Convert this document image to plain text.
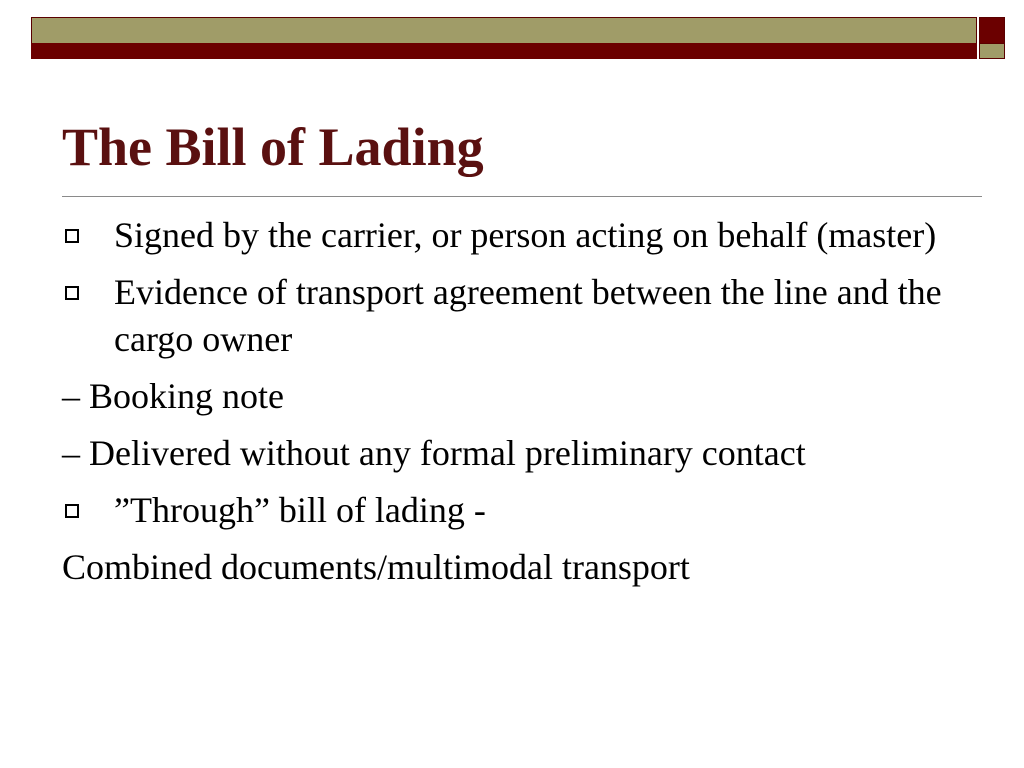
The Bill of Lading
Signed by the carrier, or person acting on behalf (master)
Evidence of transport agreement between the line and the cargo owner
– Booking note
– Delivered without any formal preliminary contact
”Through” bill of lading -
Combined documents/multimodal transport
